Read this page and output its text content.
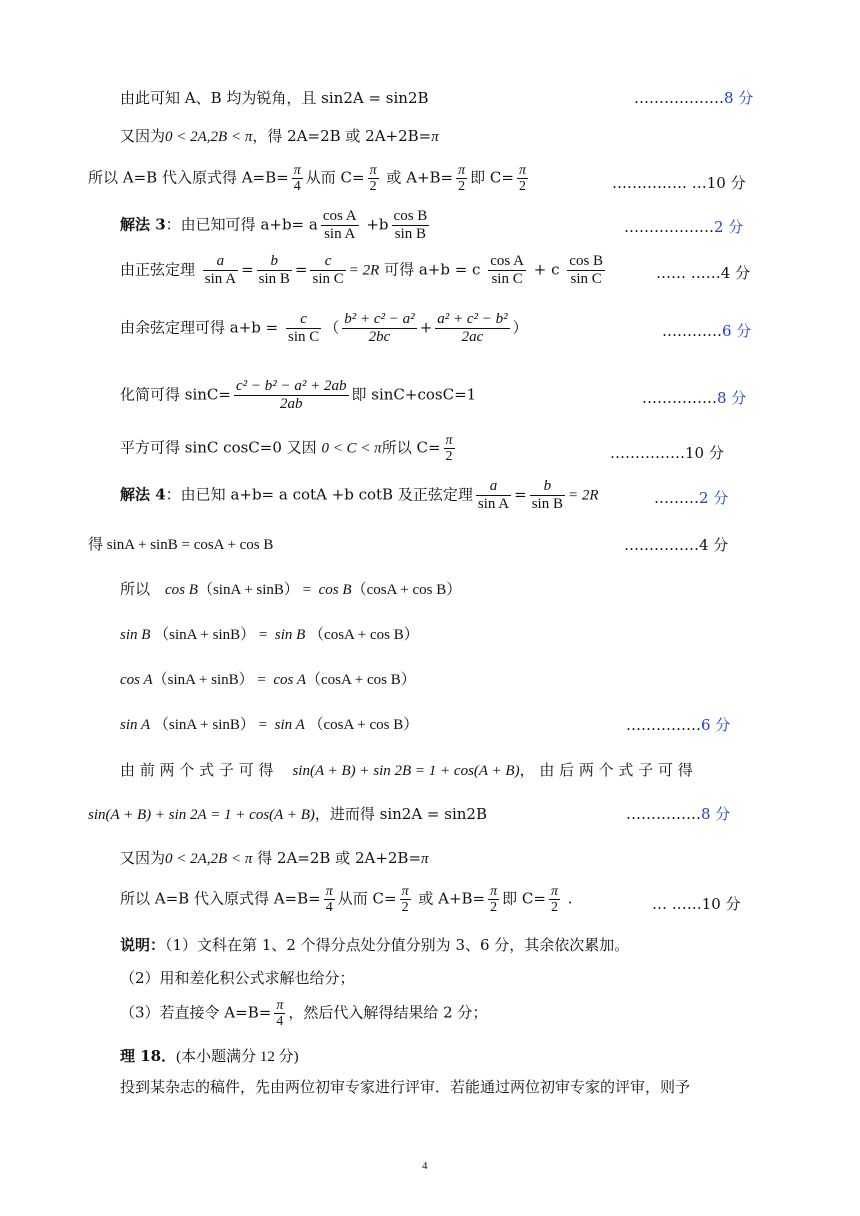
由此可知 A、B 均为锐角，且 sin2A = sin2B	………………8 分
又因为0 < 2A,2B < π，得 2A=2B 或 2A+2B=π
所以 A=B 代入原式得 $A=B= \frac{\pi}{4}$ 从而 $C= \frac{\pi}{2}$ 或 $A+B= \frac{\pi}{2}$ 即 $C= \frac{\pi}{2}$	…………… …10 分
解法 3：由已知可得 a+b= a $\frac{\text{cos A}}{\text{sin A}} +b \frac{\text{cos B}}{\text{sin B}}$	………………2 分
由正弦定理 $\frac{a}{\text{sin A}} = \frac{b}{\text{sin B}} = \frac{c}{\text{sin C}} = 2R$ 可得 a+b = c $\frac{\text{cos A}}{\text{sin C}} + c \frac{\text{cos B}}{\text{sin C}}$	…… ……4 分
由余弦定理可得 $a+b = \frac{c}{\text{sin C}}$ （ $\frac{\text{b² + c² − a²}}{2bc} + \frac{\text{a² + c² − b²}}{2ac}$ ）	…………6 分
化简可得 $\sin C= \frac{\text{c² − b² − a² + 2ab}}{2ab}$ 即 sinC+cosC=1	……………8 分
平方可得 sinC cosC=0 又因 0 < C < π所以 $C= \frac{\pi}{2}$	……………10 分
解法 4：由已知 a+b= a cotA +b cotB 及正弦定理 $\frac{a}{\text{sin A}} = \frac{b}{\text{sin B}} = 2R$	………2 分
得 sinA + sinB = cosA + cos B	……………4 分
所以 cos B（sinA + sinB） = cos B（cosA + cos B）
sin B （sinA + sinB） = sin B （cosA + cos B）
cos A（sinA + sinB） = cos A（cosA + cos B）
sin A （sinA + sinB） = sin A （cosA + cos B）	……………6 分
由 前 两 个 式 子 可 得 sin(A + B) + sin 2B = 1 + cos(A + B)， 由 后 两 个 式 子 可 得
sin(A + B) + sin 2A = 1 + cos(A + B)，进而得 sin2A = sin2B	……………8 分
又因为0 < 2A,2B < π 得 2A=2B 或 2A+2B=π
所以 A=B 代入原式得 $A=B= \frac{\pi}{4}$ 从而 $C= \frac{\pi}{2}$ 或 $A+B= \frac{\pi}{2}$ 即 $C= \frac{\pi}{2}$ .	… ……10 分
说明：（1）文科在第 1、2 个得分点处分值分别为 3、6 分，其余依次累加。
（2）用和差化积公式求解也给分；
（3）若直接令 $A=B= \frac{\pi}{4}$ ，然后代入解得结果给 2 分；
理 18．(本小题满分 12 分)
投到某杂志的稿件，先由两位初审专家进行评审．若能通过两位初审专家的评审，则予
4
